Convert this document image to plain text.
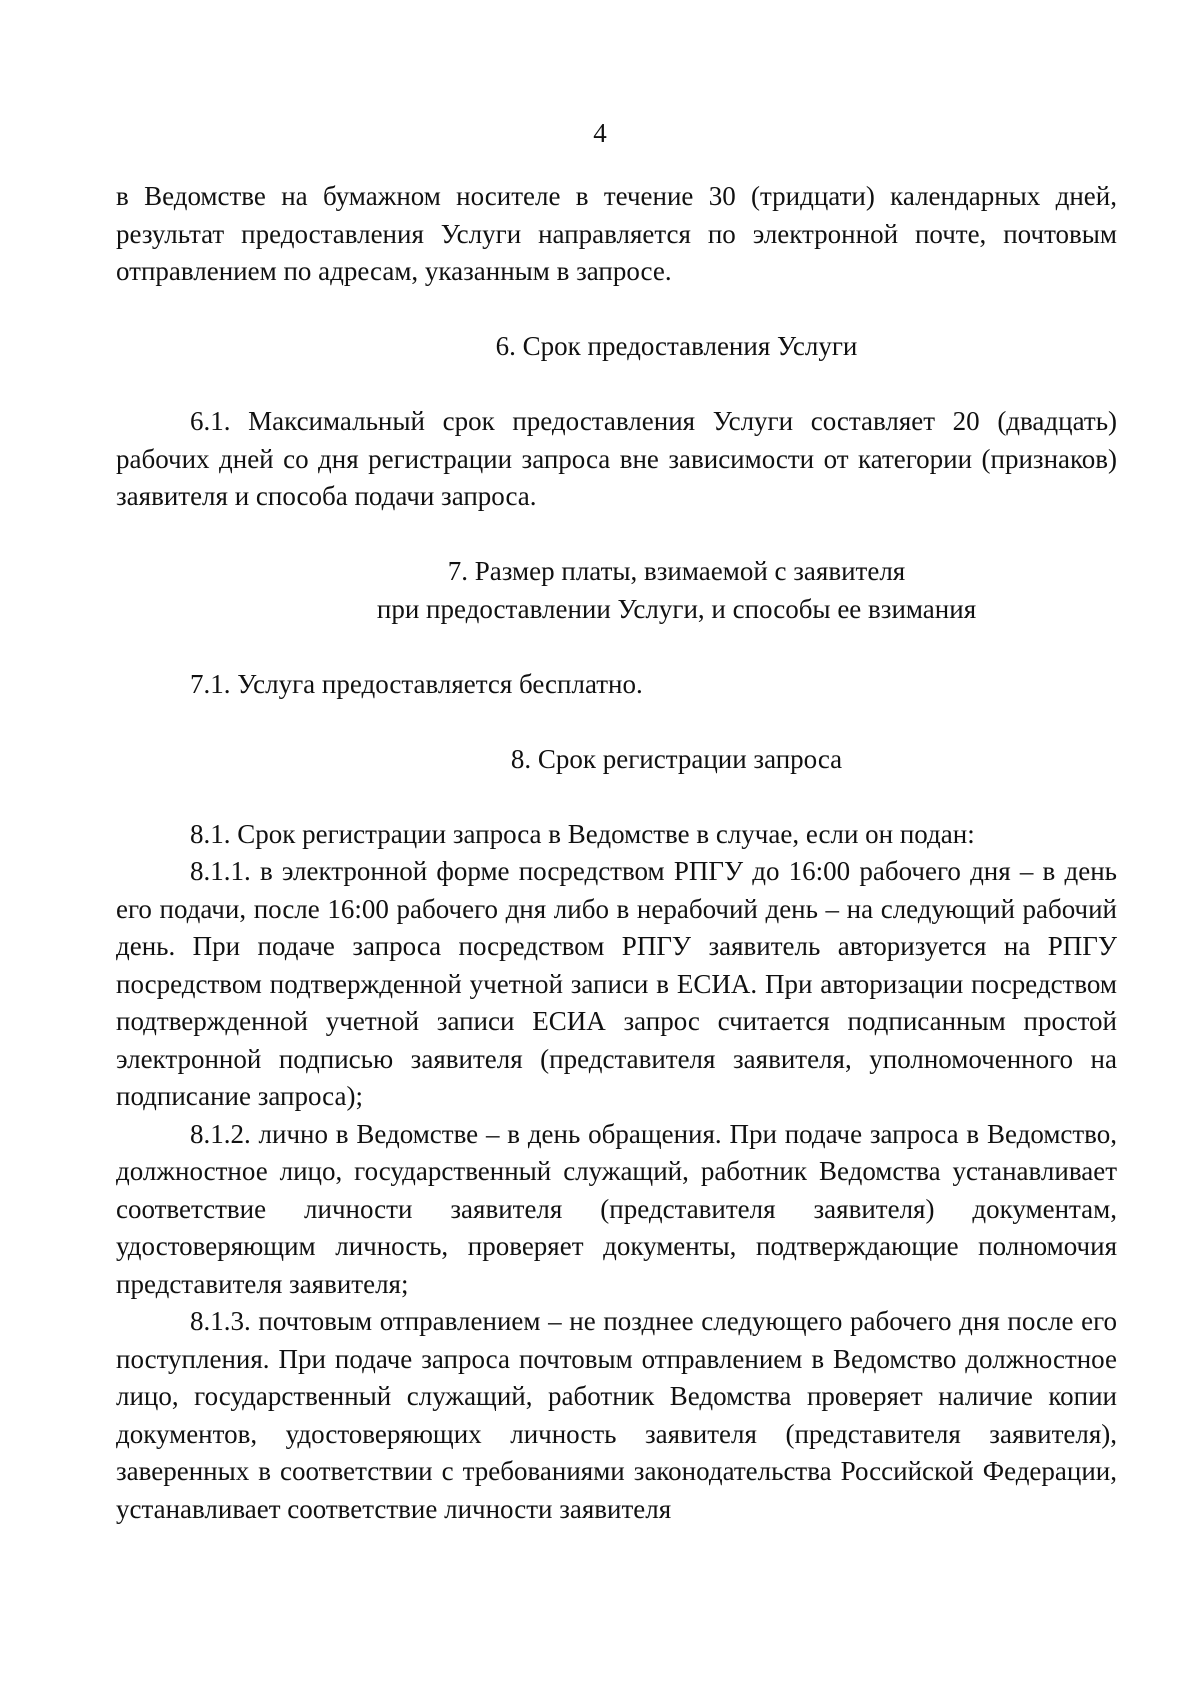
4

в Ведомстве на бумажном носителе в течение 30 (тридцати) календарных дней, результат предоставления Услуги направляется по электронной почте, почтовым отправлением по адресам, указанным в запросе.

6. Срок предоставления Услуги

6.1. Максимальный срок предоставления Услуги составляет 20 (двадцать) рабочих дней со дня регистрации запроса вне зависимости от категории (признаков) заявителя и способа подачи запроса.

7. Размер платы, взимаемой с заявителя

при предоставлении Услуги, и способы ее взимания

7.1. Услуга предоставляется бесплатно.

8. Срок регистрации запроса

8.1. Срок регистрации запроса в Ведомстве в случае, если он подан:

8.1.1. в электронной форме посредством РПГУ до 16:00 рабочего дня – в день его подачи, после 16:00 рабочего дня либо в нерабочий день – на следующий рабочий день. При подаче запроса посредством РПГУ заявитель авторизуется на РПГУ посредством подтвержденной учетной записи в ЕСИА. При авторизации посредством подтвержденной учетной записи ЕСИА запрос считается подписанным простой электронной подписью заявителя (представителя заявителя, уполномоченного на подписание запроса);

8.1.2. лично в Ведомстве – в день обращения. При подаче запроса в Ведомство, должностное лицо, государственный служащий, работник Ведомства устанавливает соответствие личности заявителя (представителя заявителя) документам, удостоверяющим личность, проверяет документы, подтверждающие полномочия представителя заявителя;

8.1.3. почтовым отправлением – не позднее следующего рабочего дня после его поступления. При подаче запроса почтовым отправлением в Ведомство должностное лицо, государственный служащий, работник Ведомства проверяет наличие копии документов, удостоверяющих личность заявителя (представителя заявителя), заверенных в соответствии с требованиями законодательства Российской Федерации, устанавливает соответствие личности заявителя
